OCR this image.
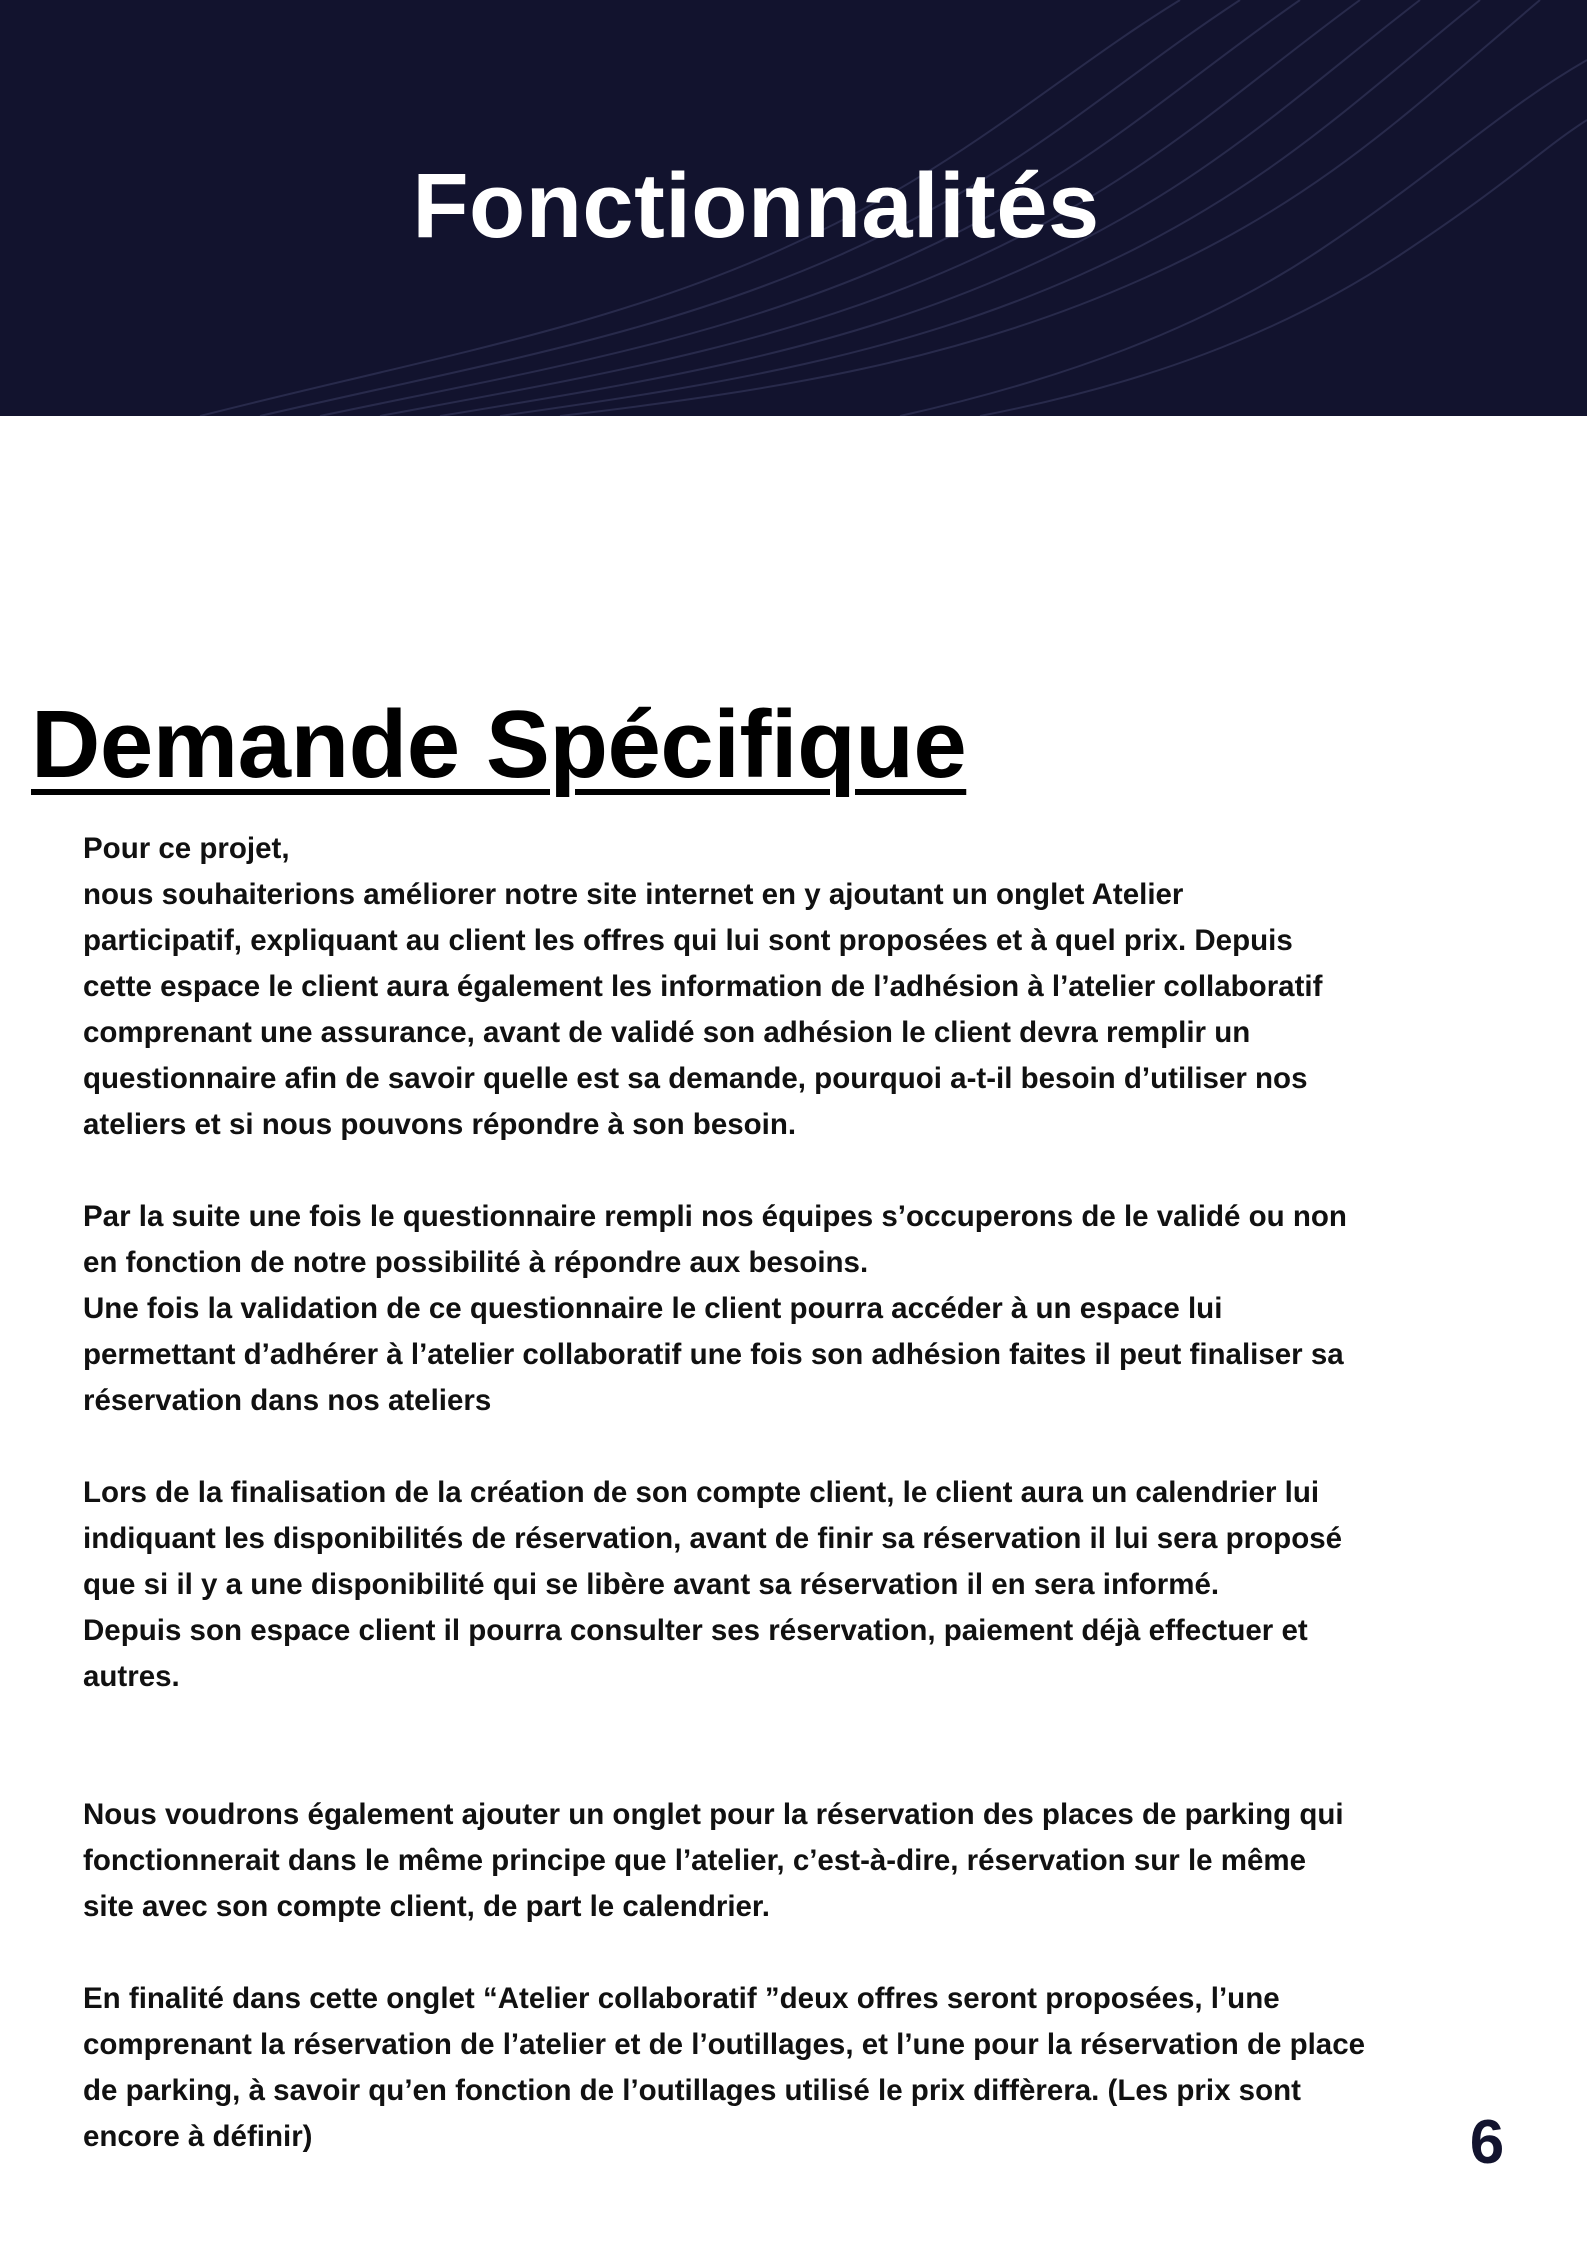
Fonctionnalités
Demande Spécifique

Pour ce projet,
nous souhaiterions améliorer notre site internet en y ajoutant un onglet Atelier
participatif, expliquant au client les offres qui lui sont proposées et à quel prix. Depuis
cette espace le client aura également les information de l’adhésion à l’atelier collaboratif
comprenant une assurance, avant de validé son adhésion le client devra remplir un
questionnaire afin de savoir quelle est sa demande, pourquoi a-t-il besoin d’utiliser nos
ateliers et si nous pouvons répondre à son besoin.

Par la suite une fois le questionnaire rempli nos équipes s’occuperons de le validé ou non
en fonction de notre possibilité à répondre aux besoins.
Une fois la validation de ce questionnaire le client pourra accéder à un espace lui
permettant d’adhérer à l’atelier collaboratif une fois son adhésion faites il peut finaliser sa
réservation dans nos ateliers

Lors de la finalisation de la création de son compte client, le client aura un calendrier lui
indiquant les disponibilités de réservation, avant de finir sa réservation il lui sera proposé
que si il y a une disponibilité qui se libère avant sa réservation il en sera informé.
Depuis son espace client il pourra consulter ses réservation, paiement déjà effectuer et
autres.

Nous voudrons également ajouter un onglet pour la réservation des places de parking qui
fonctionnerait dans le même principe que l’atelier, c’est-à-dire, réservation sur le même
site avec son compte client, de part le calendrier.

En finalité dans cette onglet “Atelier collaboratif ”deux offres seront proposées, l’une
comprenant la réservation de l’atelier et de l’outillages, et l’une pour la réservation de place
de parking, à savoir qu’en fonction de l’outillages utilisé le prix diffèrera. (Les prix sont
encore à définir)	6
